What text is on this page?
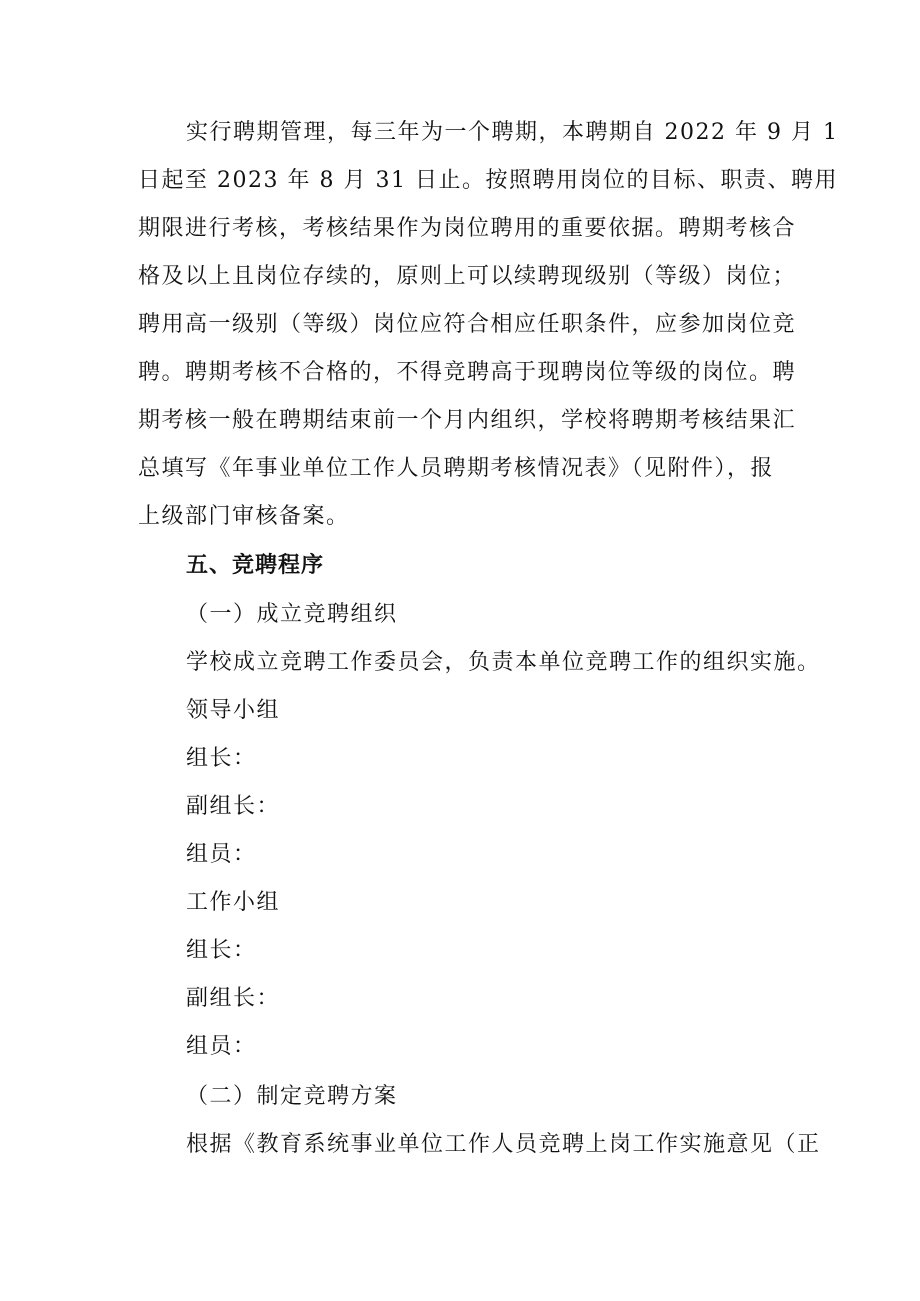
实行聘期管理，每三年为一个聘期，本聘期自 2022 年 9 月 1
日起至 2023 年 8 月 31 日止。按照聘用岗位的目标、职责、聘用
期限进行考核，考核结果作为岗位聘用的重要依据。聘期考核合
格及以上且岗位存续的，原则上可以续聘现级别（等级）岗位；
聘用高一级别（等级）岗位应符合相应任职条件，应参加岗位竞
聘。聘期考核不合格的，不得竞聘高于现聘岗位等级的岗位。聘
期考核一般在聘期结束前一个月内组织，学校将聘期考核结果汇
总填写《年事业单位工作人员聘期考核情况表》（见附件），报
上级部门审核备案。
五、竞聘程序
（一）成立竞聘组织
学校成立竞聘工作委员会，负责本单位竞聘工作的组织实施。
领导小组
组长：
副组长：
组员：
工作小组
组长：
副组长：
组员：
（二）制定竞聘方案
根据《教育系统事业单位工作人员竞聘上岗工作实施意见（正
